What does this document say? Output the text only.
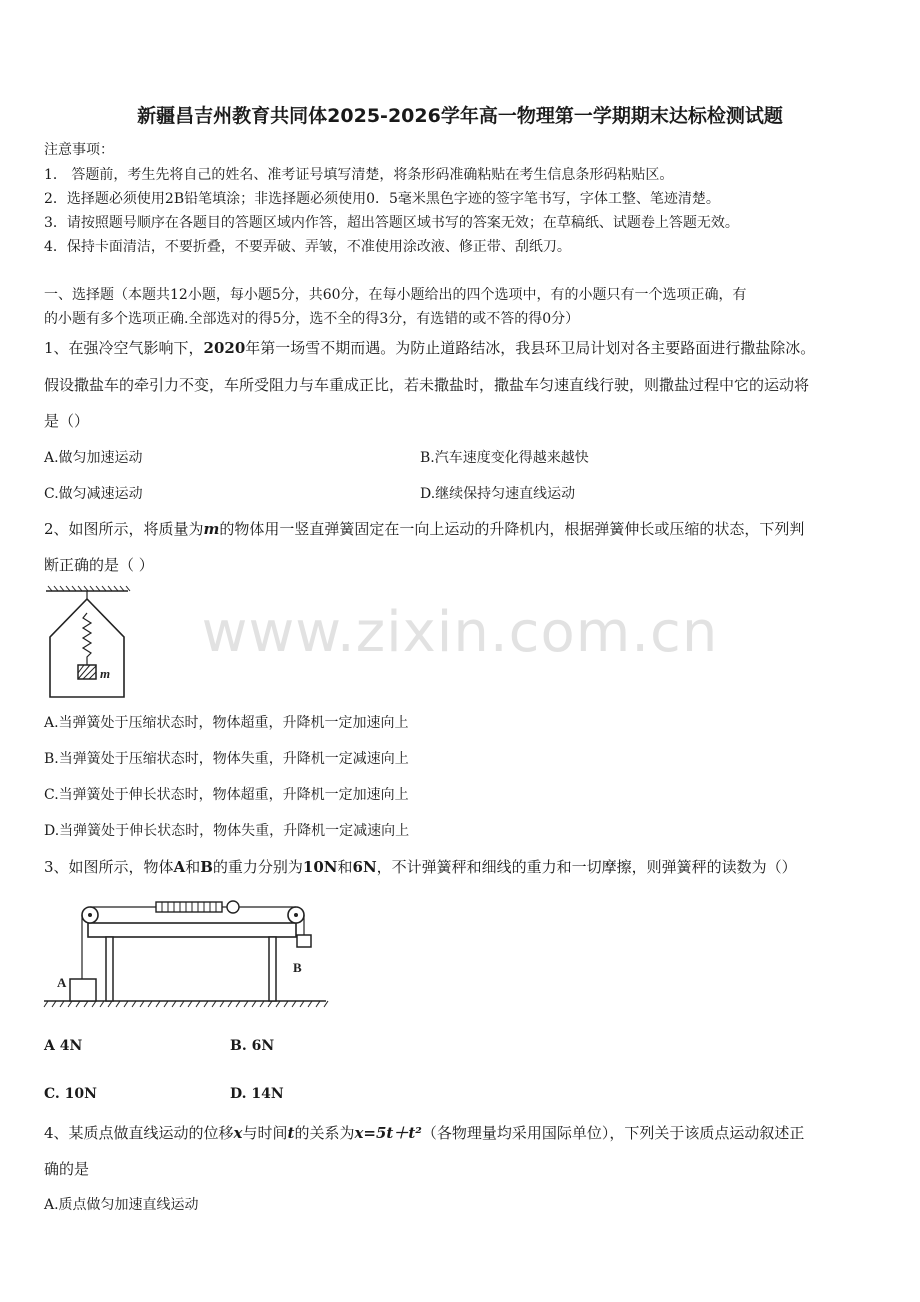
新疆昌吉州教育共同体2025-2026学年高一物理第一学期期末达标检测试题
注意事项：
1． 答题前，考生先将自己的姓名、准考证号填写清楚，将条形码准确粘贴在考生信息条形码粘贴区。
2．选择题必须使用2B铅笔填涂；非选择题必须使用0．5毫米黑色字迹的签字笔书写，字体工整、笔迹清楚。
3．请按照题号顺序在各题目的答题区域内作答，超出答题区域书写的答案无效；在草稿纸、试题卷上答题无效。
4．保持卡面清洁，不要折叠，不要弄破、弄皱，不准使用涂改液、修正带、刮纸刀。
一、选择题（本题共12小题，每小题5分，共60分，在每小题给出的四个选项中，有的小题只有一个选项正确，有
的小题有多个选项正确.全部选对的得5分，选不全的得3分，有选错的或不答的得0分）
1、在强冷空气影响下，2020年第一场雪不期而遇。为防止道路结冰，我县环卫局计划对各主要路面进行撒盐除冰。
假设撒盐车的牵引力不变，车所受阻力与车重成正比，若未撒盐时，撒盐车匀速直线行驶，则撒盐过程中它的运动将
是（）
A.做匀加速运动	B.汽车速度变化得越来越快
C.做匀减速运动	D.继续保持匀速直线运动
2、如图所示，将质量为m的物体用一竖直弹簧固定在一向上运动的升降机内，根据弹簧伸长或压缩的状态，下列判
断正确的是（ ）
m
A.当弹簧处于压缩状态时，物体超重，升降机一定加速向上
B.当弹簧处于压缩状态时，物体失重，升降机一定减速向上
C.当弹簧处于伸长状态时，物体超重，升降机一定加速向上
D.当弹簧处于伸长状态时，物体失重，升降机一定减速向上
3、如图所示，物体A和B的重力分别为10N和6N，不计弹簧秤和细线的重力和一切摩擦，则弹簧秤的读数为（）
A
B
A 4N	B. 6N
C. 10N	D. 14N
4、某质点做直线运动的位移x与时间t的关系为x=5t＋t²（各物理量均采用国际单位），下列关于该质点运动叙述正
确的是
A.质点做匀加速直线运动
www.zixin.com.cn
